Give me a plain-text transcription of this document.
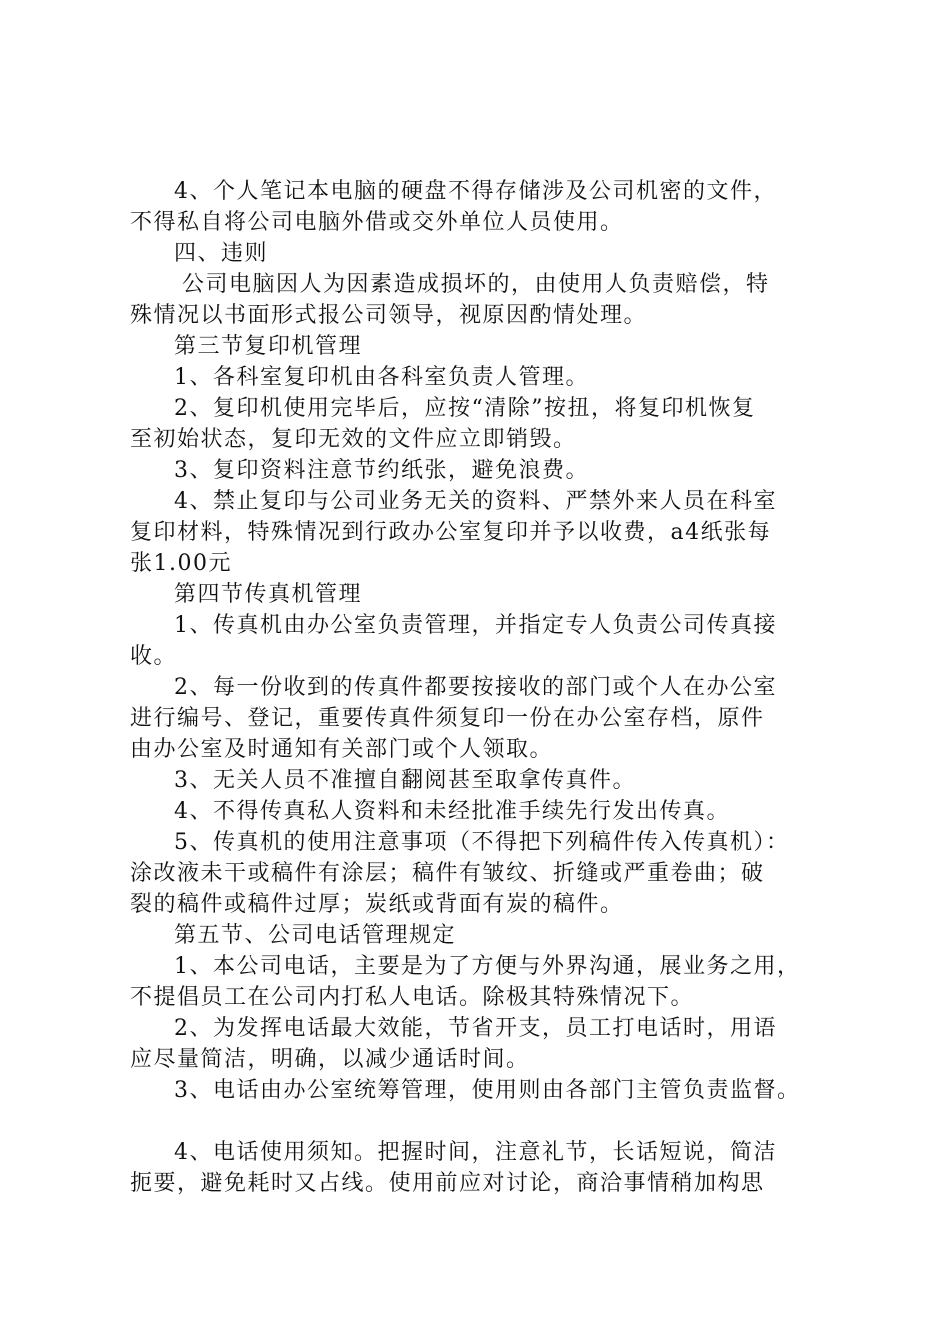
4、个人笔记本电脑的硬盘不得存储涉及公司机密的文件，
不得私自将公司电脑外借或交外单位人员使用。
四、违则
公司电脑因人为因素造成损坏的，由使用人负责赔偿，特
殊情况以书面形式报公司领导，视原因酌情处理。
第三节复印机管理
1、各科室复印机由各科室负责人管理。
2、复印机使用完毕后，应按“清除”按扭，将复印机恢复
至初始状态，复印无效的文件应立即销毁。
3、复印资料注意节约纸张，避免浪费。
4、禁止复印与公司业务无关的资料、严禁外来人员在科室
复印材料，特殊情况到行政办公室复印并予以收费，a4纸张每
张1.00元
第四节传真机管理
1、传真机由办公室负责管理，并指定专人负责公司传真接
收。
2、每一份收到的传真件都要按接收的部门或个人在办公室
进行编号、登记，重要传真件须复印一份在办公室存档，原件
由办公室及时通知有关部门或个人领取。
3、无关人员不准擅自翻阅甚至取拿传真件。
4、不得传真私人资料和未经批准手续先行发出传真。
5、传真机的使用注意事项（不得把下列稿件传入传真机）：
涂改液未干或稿件有涂层；稿件有皱纹、折缝或严重卷曲；破
裂的稿件或稿件过厚；炭纸或背面有炭的稿件。
第五节、公司电话管理规定
1、本公司电话，主要是为了方便与外界沟通，展业务之用，
不提倡员工在公司内打私人电话。除极其特殊情况下。
2、为发挥电话最大效能，节省开支，员工打电话时，用语
应尽量简洁，明确，以减少通话时间。
3、电话由办公室统筹管理，使用则由各部门主管负责监督。
4、电话使用须知。把握时间，注意礼节，长话短说，简洁
扼要，避免耗时又占线。使用前应对讨论，商洽事情稍加构思
